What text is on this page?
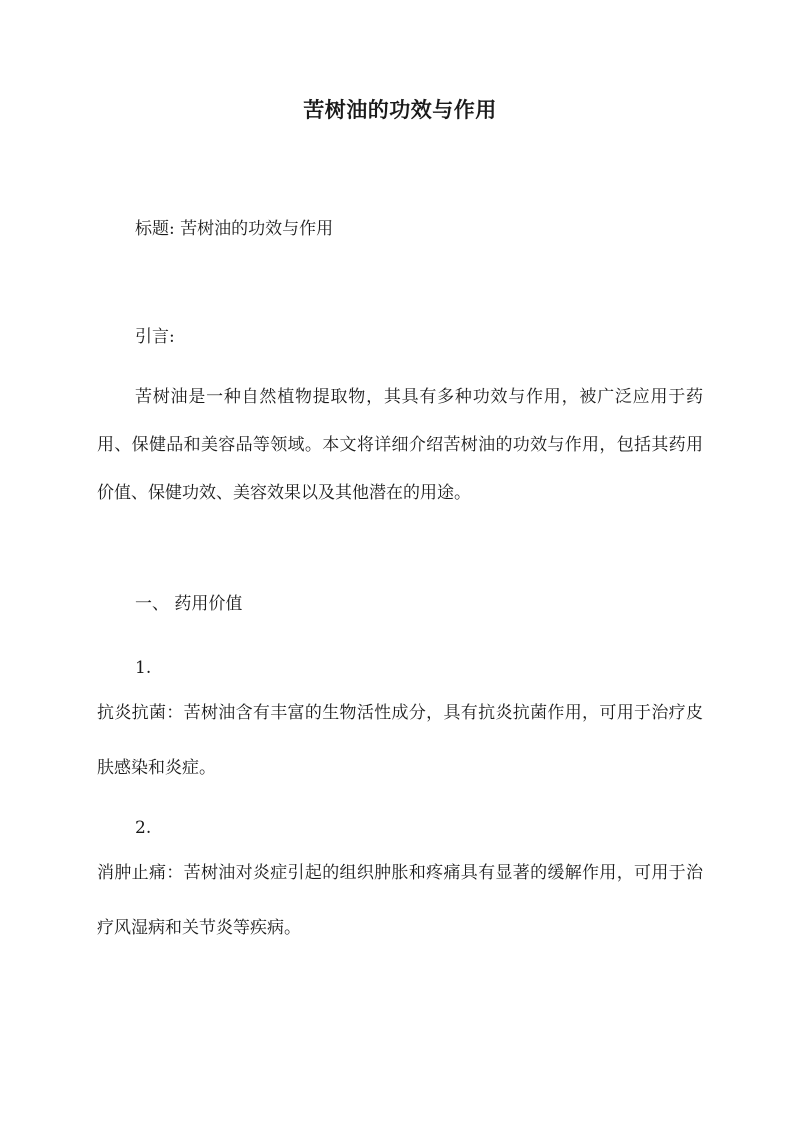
苦树油的功效与作用
标题: 苦树油的功效与作用
引言:
苦树油是一种自然植物提取物，其具有多种功效与作用，被广泛应用于药用、保健品和美容品等领域。本文将详细介绍苦树油的功效与作用，包括其药用价值、保健功效、美容效果以及其他潜在的用途。
一、 药用价值
1.
抗炎抗菌：苦树油含有丰富的生物活性成分，具有抗炎抗菌作用，可用于治疗皮肤感染和炎症。
2.
消肿止痛：苦树油对炎症引起的组织肿胀和疼痛具有显著的缓解作用，可用于治疗风湿病和关节炎等疾病。
